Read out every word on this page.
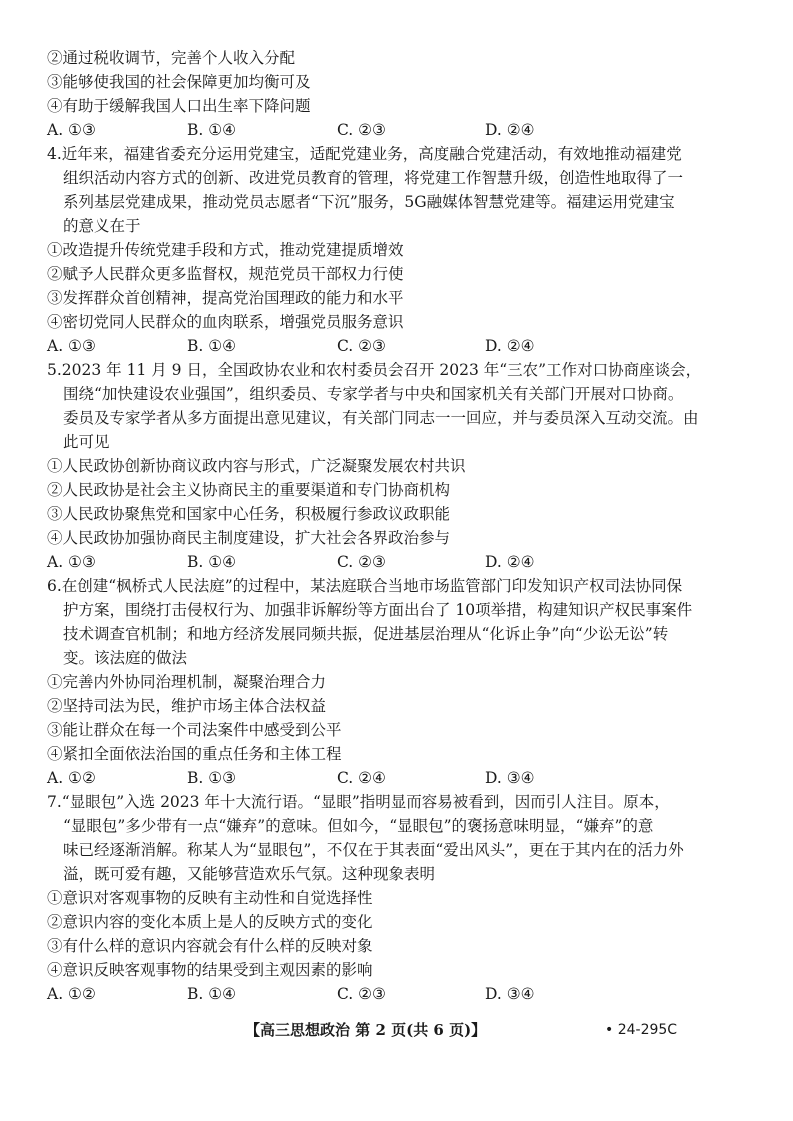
②通过税收调节，完善个人收入分配
③能够使我国的社会保障更加均衡可及
④有助于缓解我国人口出生率下降问题
A. ①③	B. ①④	C. ②③	D. ②④
4.近年来，福建省委充分运用党建宝，适配党建业务，高度融合党建活动，有效地推动福建党
组织活动内容方式的创新、改进党员教育的管理，将党建工作智慧升级，创造性地取得了一
系列基层党建成果，推动党员志愿者“下沉”服务，5G融媒体智慧党建等。福建运用党建宝
的意义在于
①改造提升传统党建手段和方式，推动党建提质增效
②赋予人民群众更多监督权，规范党员干部权力行使
③发挥群众首创精神，提高党治国理政的能力和水平
④密切党同人民群众的血肉联系，增强党员服务意识
A. ①③	B. ①④	C. ②③	D. ②④
5.2023 年 11 月 9 日，全国政协农业和农村委员会召开 2023 年“三农”工作对口协商座谈会，
围绕“加快建设农业强国”，组织委员、专家学者与中央和国家机关有关部门开展对口协商。
委员及专家学者从多方面提出意见建议，有关部门同志一一回应，并与委员深入互动交流。由
此可见
①人民政协创新协商议政内容与形式，广泛凝聚发展农村共识
②人民政协是社会主义协商民主的重要渠道和专门协商机构
③人民政协聚焦党和国家中心任务，积极履行参政议政职能
④人民政协加强协商民主制度建设，扩大社会各界政治参与
A. ①③	B. ①④	C. ②③	D. ②④
6.在创建“枫桥式人民法庭”的过程中，某法庭联合当地市场监管部门印发知识产权司法协同保
护方案，围绕打击侵权行为、加强非诉解纷等方面出台了 10项举措，构建知识产权民事案件
技术调查官机制；和地方经济发展同频共振，促进基层治理从“化诉止争”向“少讼无讼”转
变。该法庭的做法
①完善内外协同治理机制，凝聚治理合力
②坚持司法为民，维护市场主体合法权益
③能让群众在每一个司法案件中感受到公平
④紧扣全面依法治国的重点任务和主体工程
A. ①②	B. ①③	C. ②④	D. ③④
7.“显眼包”入选 2023 年十大流行语。“显眼”指明显而容易被看到，因而引人注目。原本，
“显眼包”多少带有一点“嫌弃”的意味。但如今，“显眼包”的褒扬意味明显，“嫌弃”的意
味已经逐渐消解。称某人为“显眼包”，不仅在于其表面“爱出风头”，更在于其内在的活力外
溢，既可爱有趣，又能够营造欢乐气氛。这种现象表明
①意识对客观事物的反映有主动性和自觉选择性
②意识内容的变化本质上是人的反映方式的变化
③有什么样的意识内容就会有什么样的反映对象
④意识反映客观事物的结果受到主观因素的影响
A. ①②	B. ①④	C. ②③	D. ③④
【高三思想政治 第 2 页(共 6 页)】	• 24-295C
